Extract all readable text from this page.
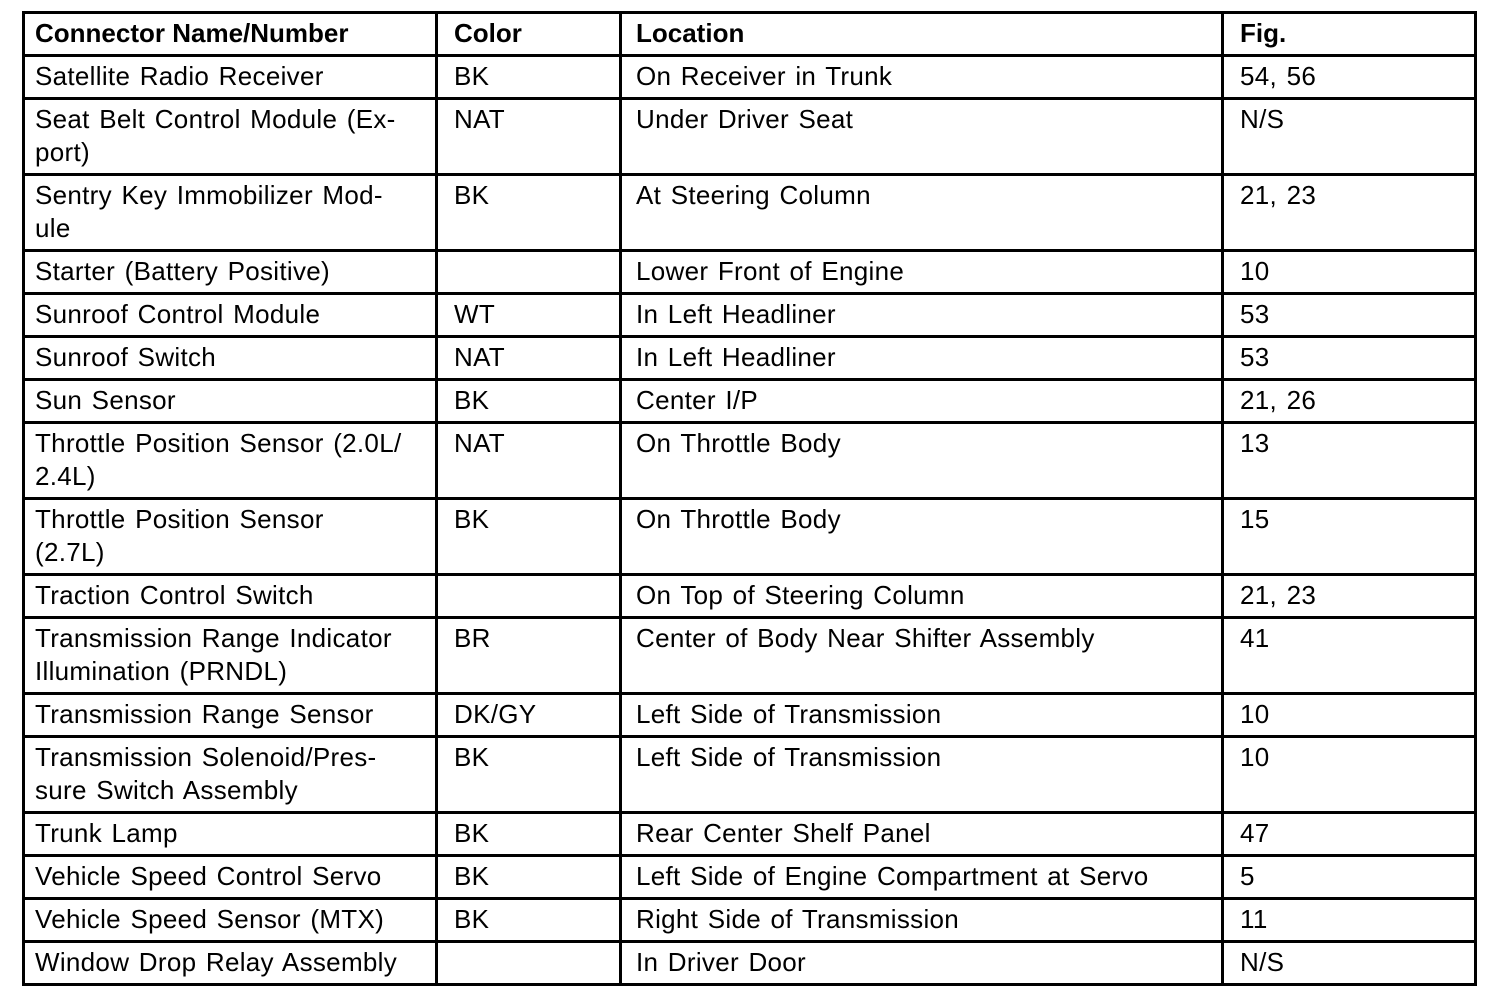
Connector Name/Number	Color	Location	Fig.
Satellite Radio Receiver	BK	On Receiver in Trunk	54, 56
Seat Belt Control Module (Ex-
port)	NAT	Under Driver Seat	N/S
Sentry Key Immobilizer Mod-
ule	BK	At Steering Column	21, 23
Starter (Battery Positive)		Lower Front of Engine	10
Sunroof Control Module	WT	In Left Headliner	53
Sunroof Switch	NAT	In Left Headliner	53
Sun Sensor	BK	Center I/P	21, 26
Throttle Position Sensor (2.0L/
2.4L)	NAT	On Throttle Body	13
Throttle Position Sensor
(2.7L)	BK	On Throttle Body	15
Traction Control Switch		On Top of Steering Column	21, 23
Transmission Range Indicator
Illumination (PRNDL)	BR	Center of Body Near Shifter Assembly	41
Transmission Range Sensor	DK/GY	Left Side of Transmission	10
Transmission Solenoid/Pres-
sure Switch Assembly	BK	Left Side of Transmission	10
Trunk Lamp	BK	Rear Center Shelf Panel	47
Vehicle Speed Control Servo	BK	Left Side of Engine Compartment at Servo	5
Vehicle Speed Sensor (MTX)	BK	Right Side of Transmission	11
Window Drop Relay Assembly		In Driver Door	N/S
